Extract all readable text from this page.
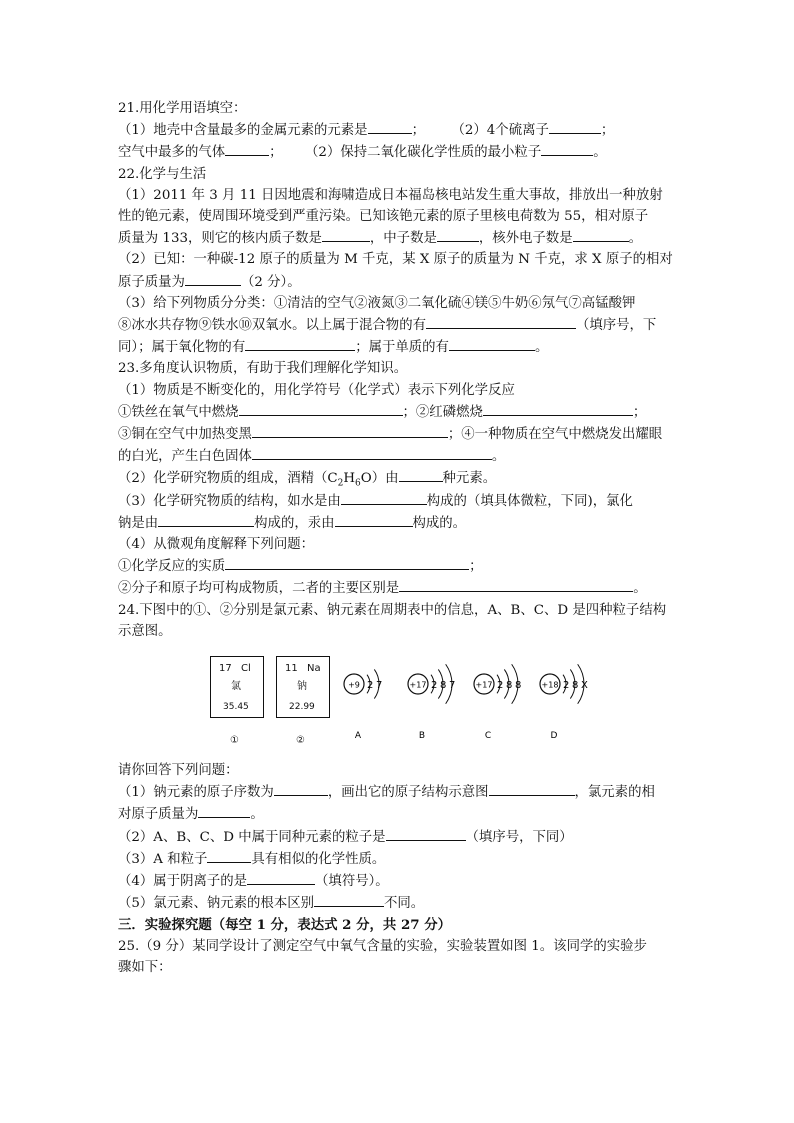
21.用化学用语填空：
（1）地壳中含量最多的金属元素的元素是	； （2）4个硫离子	；
空气中最多的气体	； （2）保持二氧化碳化学性质的最小粒子	。
22.化学与生活
（1）2011 年 3 月 11 日因地震和海啸造成日本福岛核电站发生重大事故，排放出一种放射
性的铯元素，使周围环境受到严重污染。已知该铯元素的原子里核电荷数为 55，相对原子
质量为 133，则它的核内质子数是	，中子数是	，核外电子数是	。
（2）已知：一种碳-12 原子的质量为 M 千克，某 X 原子的质量为 N 千克，求 X 原子的相对
原子质量为	（2 分）。
（3）给下列物质分分类：①清洁的空气②液氮③二氧化硫④镁⑤牛奶⑥氖气⑦高锰酸钾
⑧冰水共存物⑨铁水⑩双氧水。以上属于混合物的有	（填序号，下
同）；属于氧化物的有	；属于单质的有	。
23.多角度认识物质，有助于我们理解化学知识。
（1）物质是不断变化的，用化学符号（化学式）表示下列化学反应
①铁丝在氧气中燃烧	；②红磷燃烧	；
③铜在空气中加热变黑	；④一种物质在空气中燃烧发出耀眼
的白光，产生白色固体	。
（2）化学研究物质的组成，酒精$(C_2H_6O)$由	种元素。
（3）化学研究物质的结构，如水是由	构成的（填具体微粒，下同)，氯化
钠是由	构成的，汞由	构成的。
（4）从微观角度解释下列问题：
①化学反应的实质	；
②分子和原子均可构成物质，二者的主要区别是	。
24.下图中的①、②分别是氯元素、钠元素在周期表中的信息，A、B、C、D 是四种粒子结构
示意图。
17 Cl
氯
35.45
11 Na
钠
22.99
①	②
+9 2 7
A
+17 2 8 7
B
+17 2 8 8
C
+18 2 8 X
D
请你回答下列问题：
（1）钠元素的原子序数为	，画出它的原子结构示意图	，氯元素的相
对原子质量为	。
（2）A、B、C、D 中属于同种元素的粒子是	（填序号，下同）
（3）A 和粒子	具有相似的化学性质。
（4）属于阴离子的是	（填符号）。
（5）氯元素、钠元素的根本区别	不同。
三．实验探究题（每空 1 分，表达式 2 分，共 27 分）
25.（9 分）某同学设计了测定空气中氧气含量的实验，实验装置如图 1。该同学的实验步
骤如下：
